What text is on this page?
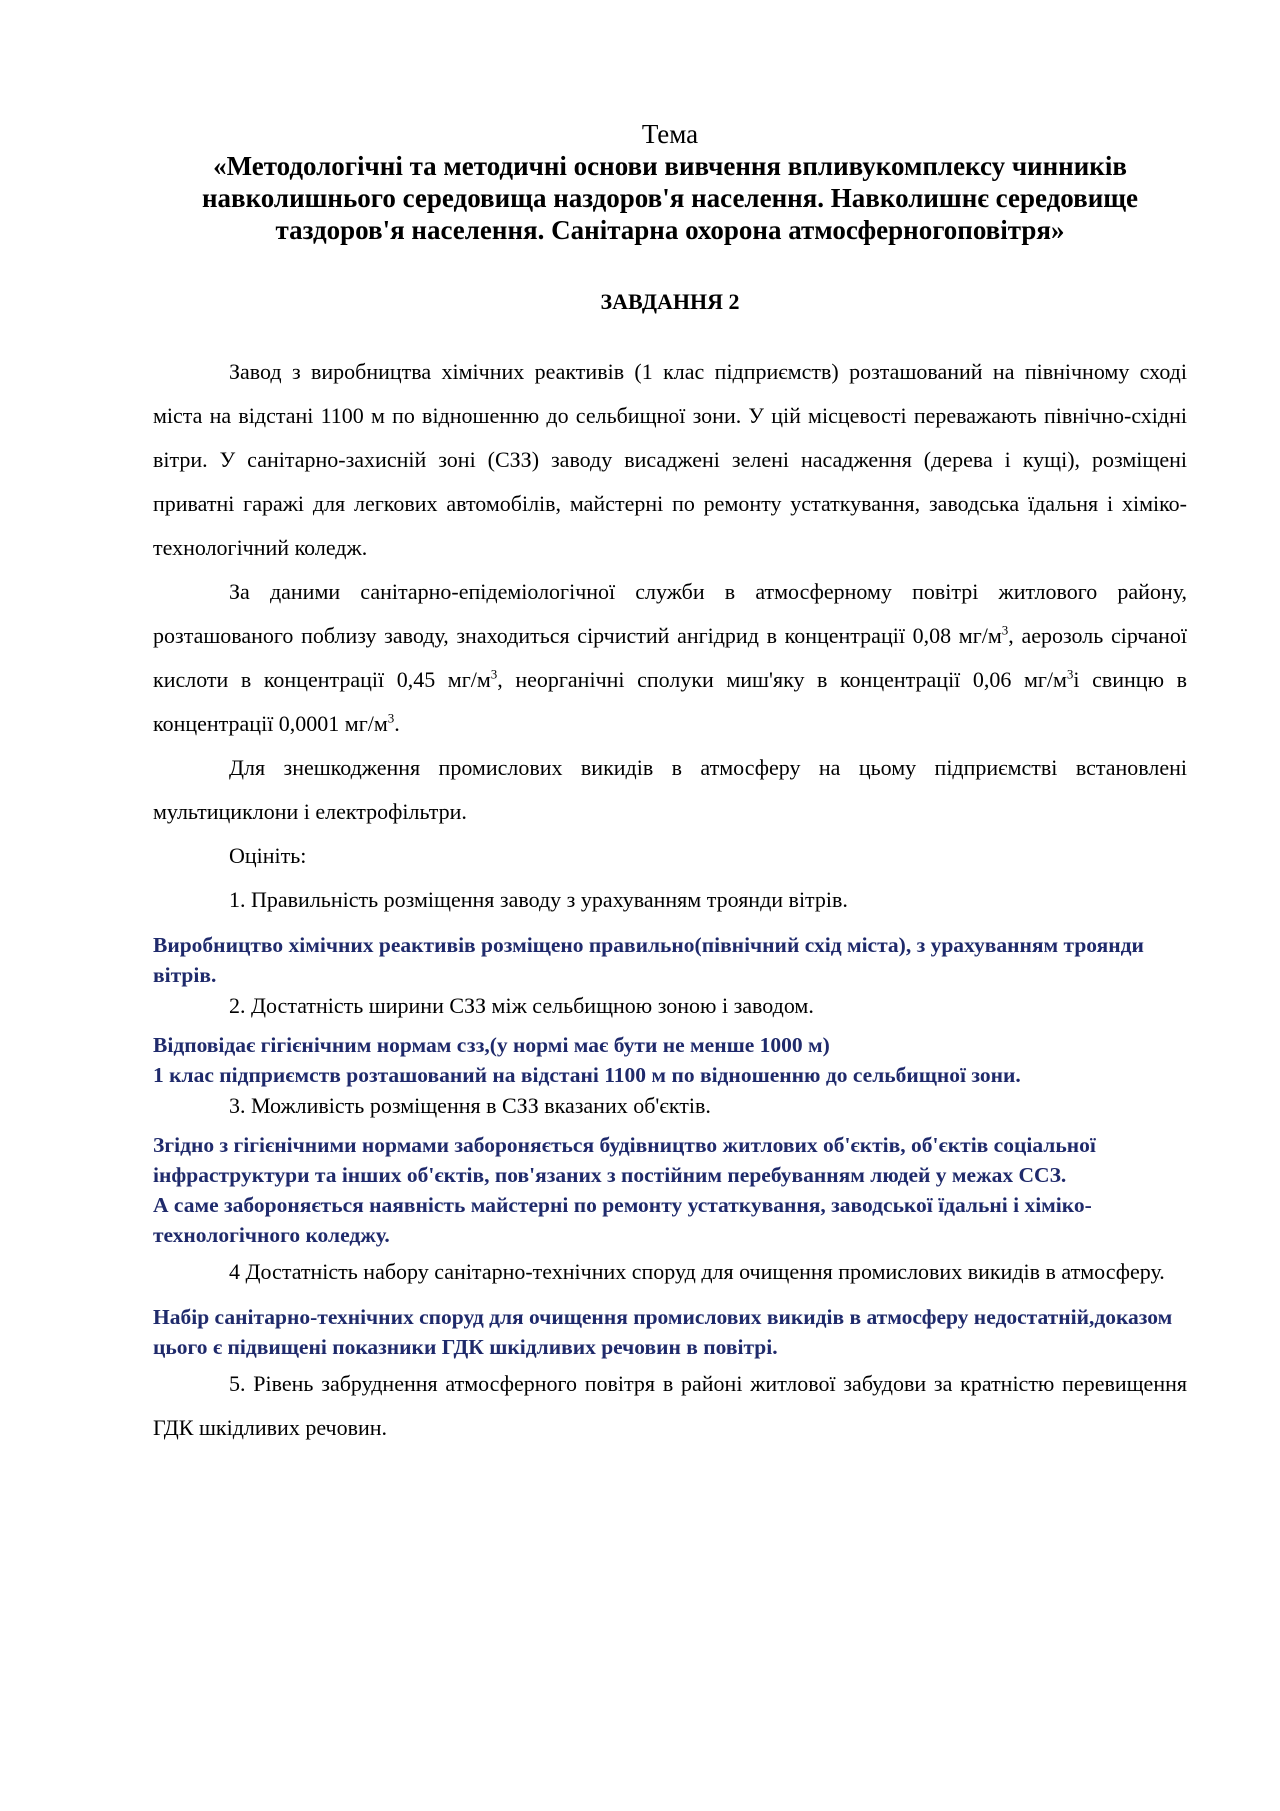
Тема

«Методологічні та методичні основи вивчення впливукомплексу чинників навколишнього середовища наздоров'я населення. Навколишнє середовище таздоров'я населення. Санітарна охорона атмосферногоповітря»

ЗАВДАННЯ 2

Завод з виробництва хімічних реактивів (1 клас підприємств) розташований на північному сході міста на відстані 1100 м по відношенню до сельбищної зони. У цій місцевості переважають північно-східні вітри. У санітарно-захисній зоні (СЗЗ) заводу висаджені зелені насадження (дерева і кущі), розміщені приватні гаражі для легкових автомобілів, майстерні по ремонту устаткування, заводська їдальня і хіміко-технологічний коледж.

За даними санітарно-епідеміологічної служби в атмосферному повітрі житлового району, розташованого поблизу заводу, знаходиться сірчистий ангідрид в концентрації 0,08 $мг/м^3$, аерозоль сірчаної кислоти в концентрації 0,45 $мг/м^3$, неорганічні сполуки миш'яку в концентрації 0,06 $мг/м^3і$ свинцю в концентрації 0,0001 $мг/м^3$.

Для знешкодження промислових викидів в атмосферу на цьому підприємстві встановлені мультициклони і електрофільтри.

Оцініть:

1. Правильність розміщення заводу з урахуванням троянди вітрів.

Виробництво хімічних реактивів розміщено правильно(північний схід міста), з урахуванням троянди вітрів.

2. Достатність ширини СЗЗ між сельбищною зоною і заводом.

Відповідає гігієнічним нормам сзз,(у нормі має бути не менше 1000 м)

1 клас підприємств розташований на відстані 1100 м по відношенню до сельбищної зони.

3. Можливість розміщення в СЗЗ вказаних об'єктів.

Згідно з гігієнічними нормами забороняється будівництво житлових об'єктів, об'єктів соціальної інфраструктури та інших об'єктів, пов'язаних з постійним перебуванням людей у межах ССЗ.

А саме забороняється наявність майстерні по ремонту устаткування, заводської їдальні і хіміко-технологічного коледжу.

4 Достатність набору санітарно-технічних споруд для очищення промислових викидів в атмосферу.

Набір санітарно-технічних споруд для очищення промислових викидів в атмосферу недостатній,доказом цього є підвищені показники ГДК шкідливих речовин в повітрі.

5. Рівень забруднення атмосферного повітря в районі житлової забудови за кратністю перевищення ГДК шкідливих речовин.
